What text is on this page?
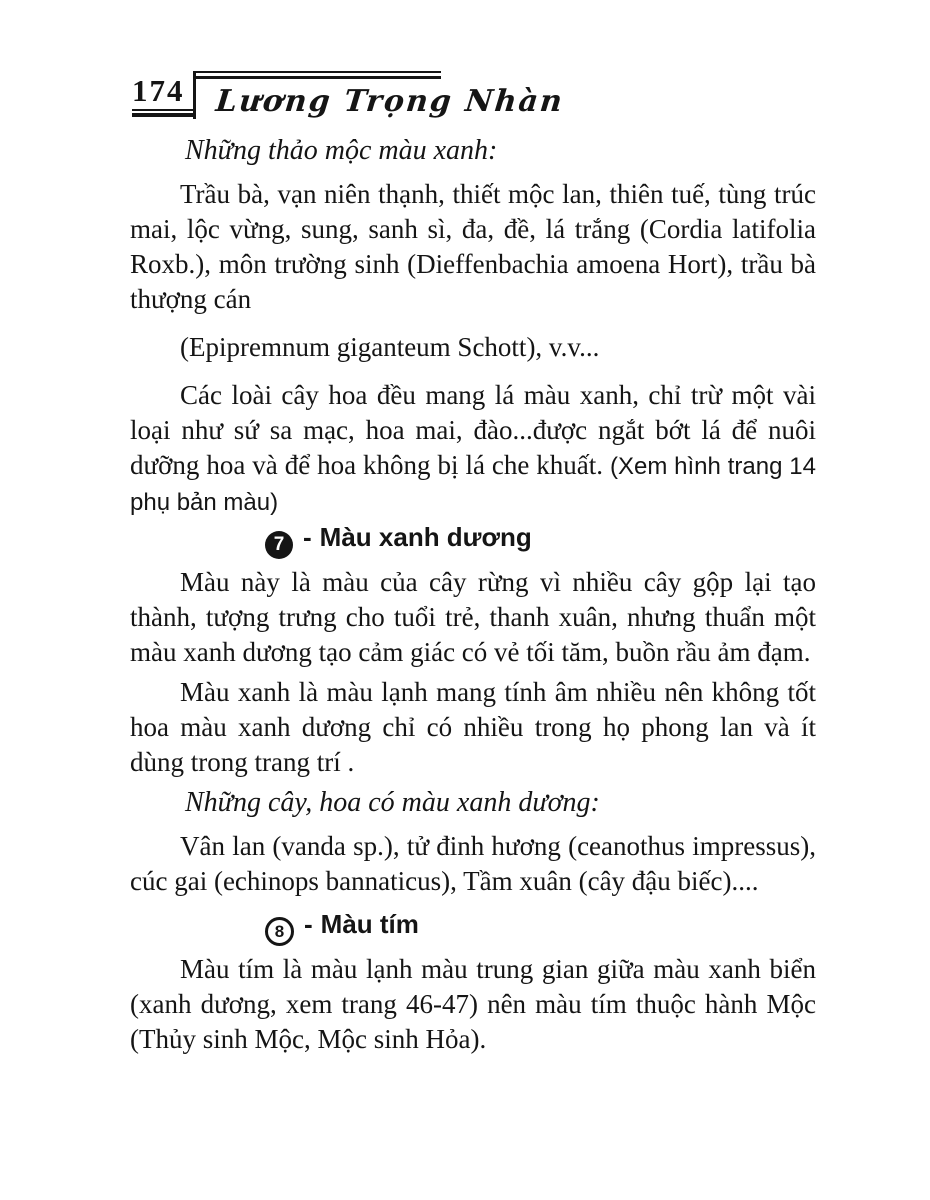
174 Lương Trọng Nhàn

Những thảo mộc màu xanh:

Trầu bà, vạn niên thạnh, thiết mộc lan, thiên tuế, tùng trúc mai, lộc vừng, sung, sanh sì, đa, đề, lá trắng (Cordia latifolia Roxb.), môn trường sinh (Dieffenbachia amoena Hort), trầu bà thượng cán

(Epipremnum giganteum Schott), v.v...

Các loài cây hoa đều mang lá màu xanh, chỉ trừ một vài loại như sứ sa mạc, hoa mai, đào...được ngắt bớt lá để nuôi dưỡng hoa và để hoa không bị lá che khuất. (Xem hình trang 14 phụ bản màu)

7 - Màu xanh dương

Màu này là màu của cây rừng vì nhiều cây gộp lại tạo thành, tượng trưng cho tuổi trẻ, thanh xuân, nhưng thuẩn một màu xanh dương tạo cảm giác có vẻ tối tăm, buồn rầu ảm đạm.

Màu xanh là màu lạnh mang tính âm nhiều nên không tốt hoa màu xanh dương chỉ có nhiều trong họ phong lan và ít dùng trong trang trí .

Những cây, hoa có màu xanh dương:

Vân lan (vanda sp.), tử đinh hương (ceanothus impressus), cúc gai (echinops bannaticus), Tầm xuân (cây đậu biếc)....

8 - Màu tím

Màu tím là màu lạnh màu trung gian giữa màu xanh biển (xanh dương, xem trang 46-47) nên màu tím thuộc hành Mộc (Thủy sinh Mộc, Mộc sinh Hỏa).
